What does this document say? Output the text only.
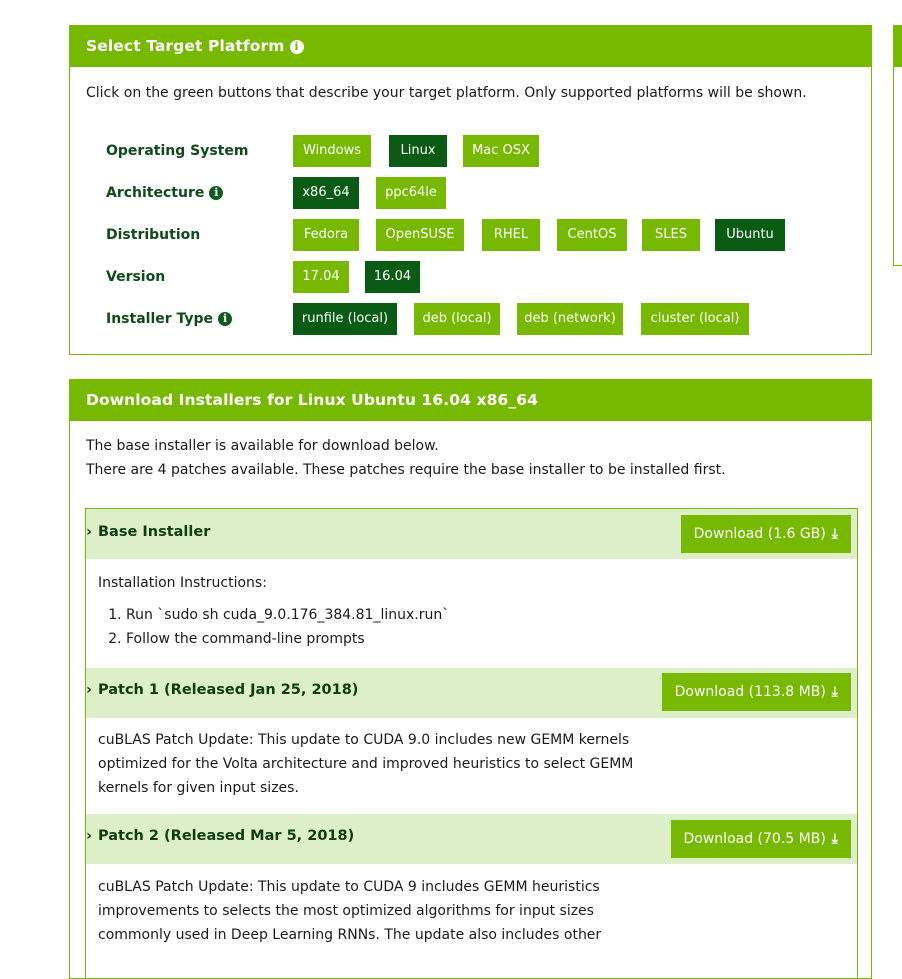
Select Target Platform i
Click on the green buttons that describe your target platform. Only supported platforms will be shown.
Operating System	Windows	Linux	Mac OSX
Architecture i	x86_64	ppc64le
Distribution	Fedora	OpenSUSE	RHEL	CentOS	SLES	Ubuntu
Version	17.04	16.04
Installer Type i	runfile (local)	deb (local)	deb (network)	cluster (local)
Download Installers for Linux Ubuntu 16.04 x86_64
The base installer is available for download below.
There are 4 patches available. These patches require the base installer to be installed first.
› Base Installer	Download (1.6 GB) ⤓
Installation Instructions:
1. Run `sudo sh cuda_9.0.176_384.81_linux.run`
2. Follow the command-line prompts
› Patch 1 (Released Jan 25, 2018)	Download (113.8 MB) ⤓
cuBLAS Patch Update: This update to CUDA 9.0 includes new GEMM kernels
optimized for the Volta architecture and improved heuristics to select GEMM
kernels for given input sizes.
› Patch 2 (Released Mar 5, 2018)	Download (70.5 MB) ⤓
cuBLAS Patch Update: This update to CUDA 9 includes GEMM heuristics
improvements to selects the most optimized algorithms for input sizes
commonly used in Deep Learning RNNs. The update also includes other
